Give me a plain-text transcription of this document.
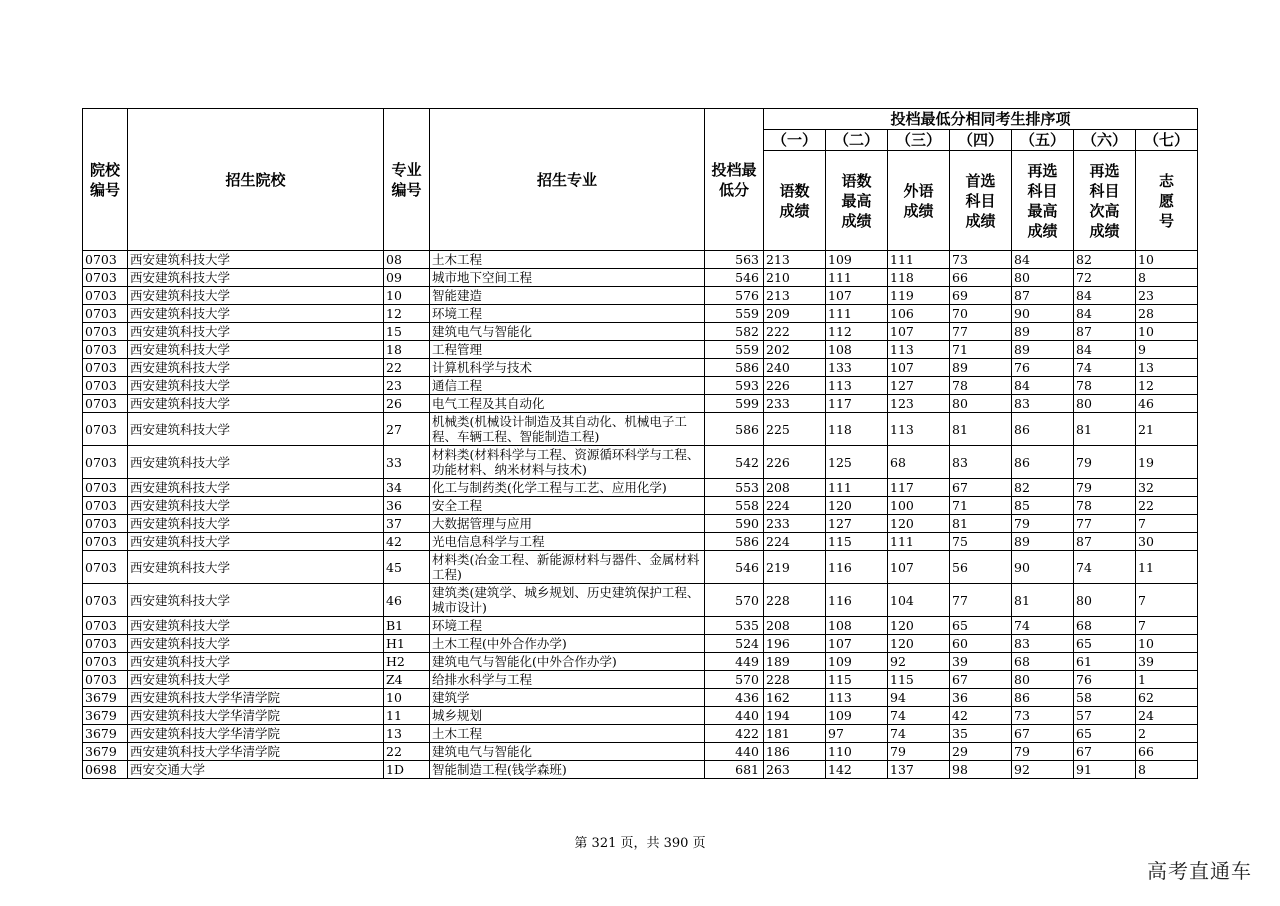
院校编号	招生院校	专业编号	招生专业	投档最低分	投档最低分相同考生排序项						
					（一）	（二）	（三）	（四）	（五）	（六）	（七）
					语数成绩	语数最高成绩	外语成绩	首选科目成绩	再选科目最高成绩	再选科目次高成绩	志愿号
0703	西安建筑科技大学	08	土木工程	563	213	109	111	73	84	82	10
0703	西安建筑科技大学	09	城市地下空间工程	546	210	111	118	66	80	72	8
0703	西安建筑科技大学	10	智能建造	576	213	107	119	69	87	84	23
0703	西安建筑科技大学	12	环境工程	559	209	111	106	70	90	84	28
0703	西安建筑科技大学	15	建筑电气与智能化	582	222	112	107	77	89	87	10
0703	西安建筑科技大学	18	工程管理	559	202	108	113	71	89	84	9
0703	西安建筑科技大学	22	计算机科学与技术	586	240	133	107	89	76	74	13
0703	西安建筑科技大学	23	通信工程	593	226	113	127	78	84	78	12
0703	西安建筑科技大学	26	电气工程及其自动化	599	233	117	123	80	83	80	46
0703	西安建筑科技大学	27	机械类(机械设计制造及其自动化、机械电子工程、车辆工程、智能制造工程)	586	225	118	113	81	86	81	21
0703	西安建筑科技大学	33	材料类(材料科学与工程、资源循环科学与工程、功能材料、纳米材料与技术)	542	226	125	68	83	86	79	19
0703	西安建筑科技大学	34	化工与制药类(化学工程与工艺、应用化学)	553	208	111	117	67	82	79	32
0703	西安建筑科技大学	36	安全工程	558	224	120	100	71	85	78	22
0703	西安建筑科技大学	37	大数据管理与应用	590	233	127	120	81	79	77	7
0703	西安建筑科技大学	42	光电信息科学与工程	586	224	115	111	75	89	87	30
0703	西安建筑科技大学	45	材料类(冶金工程、新能源材料与器件、金属材料工程)	546	219	116	107	56	90	74	11
0703	西安建筑科技大学	46	建筑类(建筑学、城乡规划、历史建筑保护工程、城市设计)	570	228	116	104	77	81	80	7
0703	西安建筑科技大学	B1	环境工程	535	208	108	120	65	74	68	7
0703	西安建筑科技大学	H1	土木工程(中外合作办学)	524	196	107	120	60	83	65	10
0703	西安建筑科技大学	H2	建筑电气与智能化(中外合作办学)	449	189	109	92	39	68	61	39
0703	西安建筑科技大学	Z4	给排水科学与工程	570	228	115	115	67	80	76	1
3679	西安建筑科技大学华清学院	10	建筑学	436	162	113	94	36	86	58	62
3679	西安建筑科技大学华清学院	11	城乡规划	440	194	109	74	42	73	57	24
3679	西安建筑科技大学华清学院	13	土木工程	422	181	97	74	35	67	65	2
3679	西安建筑科技大学华清学院	22	建筑电气与智能化	440	186	110	79	29	79	67	66
0698	西安交通大学	1D	智能制造工程(钱学森班)	681	263	142	137	98	92	91	8
第 321 页，共 390 页
高考直通车
